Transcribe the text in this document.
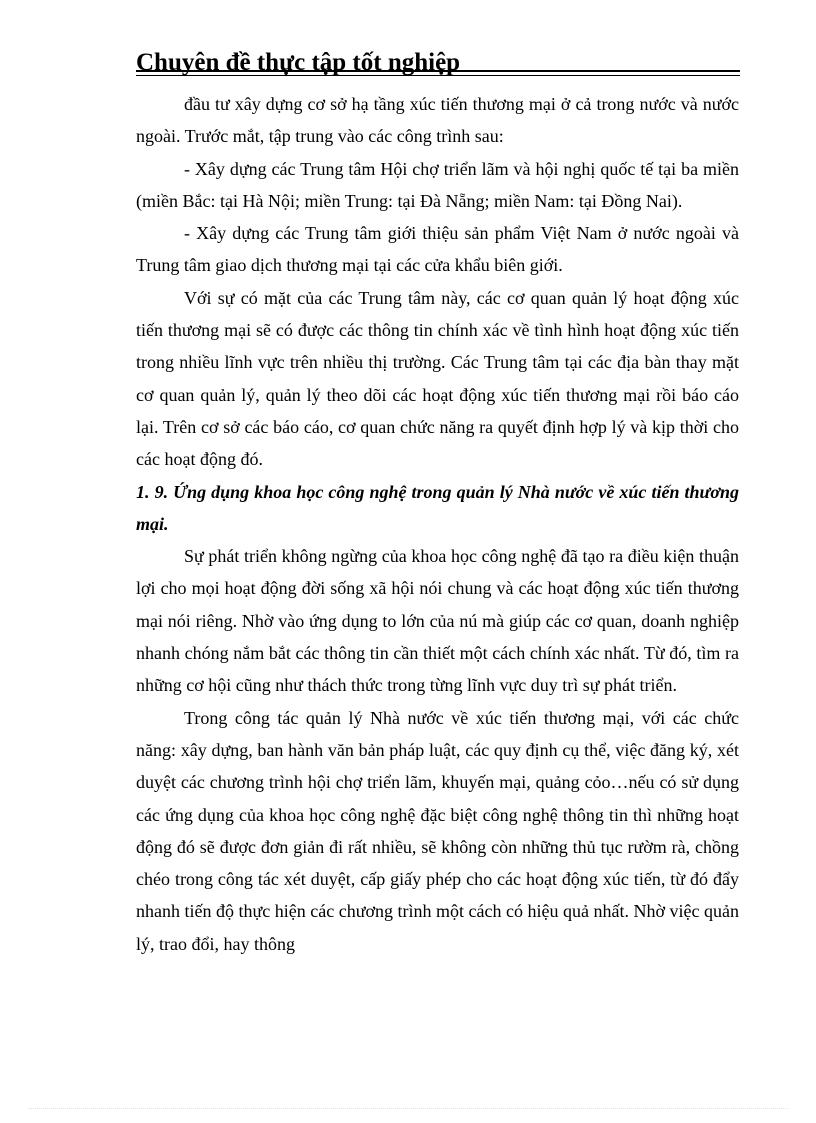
Chuyên đề thực tập tốt nghiệp

đầu tư xây dựng cơ sở hạ tầng xúc tiến thương mại ở cả trong nước và nước ngoài. Trước mắt, tập trung vào các công trình sau:

- Xây dựng các Trung tâm Hội chợ triển lãm và hội nghị quốc tế tại ba miền (miền Bắc: tại Hà Nội; miền Trung: tại Đà Nẵng; miền Nam: tại Đồng Nai).

- Xây dựng các Trung tâm giới thiệu sản phẩm Việt Nam ở nước ngoài và Trung tâm giao dịch thương mại tại các cửa khẩu biên giới.

Với sự có mặt của các Trung tâm này, các cơ quan quản lý hoạt động xúc tiến thương mại sẽ có được các thông tin chính xác về tình hình hoạt động xúc tiến trong nhiều lĩnh vực trên nhiều thị trường. Các Trung tâm tại các địa bàn thay mặt cơ quan quản lý, quản lý theo dõi các hoạt động xúc tiến thương mại rồi báo cáo lại. Trên cơ sở các báo cáo, cơ quan chức năng ra quyết định hợp lý và kịp thời cho các hoạt động đó.

1. 9. Ứng dụng khoa học công nghệ trong quản lý Nhà nước về xúc tiến thương mại.

Sự phát triển không ngừng của khoa học công nghệ đã tạo ra điều kiện thuận lợi cho mọi hoạt động đời sống xã hội nói chung và các hoạt động xúc tiến thương mại nói riêng. Nhờ vào ứng dụng to lớn của nú mà giúp các cơ quan, doanh nghiệp nhanh chóng nắm bắt các thông tin cần thiết một cách chính xác nhất. Từ đó, tìm ra những cơ hội cũng như thách thức trong từng lĩnh vực duy trì sự phát triển.

Trong công tác quản lý Nhà nước về xúc tiến thương mại, với các chức năng: xây dựng, ban hành văn bản pháp luật, các quy định cụ thể, việc đăng ký, xét duyệt các chương trình hội chợ triển lãm, khuyến mại, quảng cỏo…nếu có sử dụng các ứng dụng của khoa học công nghệ đặc biệt công nghệ thông tin thì những hoạt động đó sẽ được đơn giản đi rất nhiều, sẽ không còn những thủ tục rườm rà, chồng chéo trong công tác xét duyệt, cấp giấy phép cho các hoạt động xúc tiến, từ đó đẩy nhanh tiến độ thực hiện các chương trình một cách có hiệu quả nhất. Nhờ việc quản lý, trao đổi, hay thông
